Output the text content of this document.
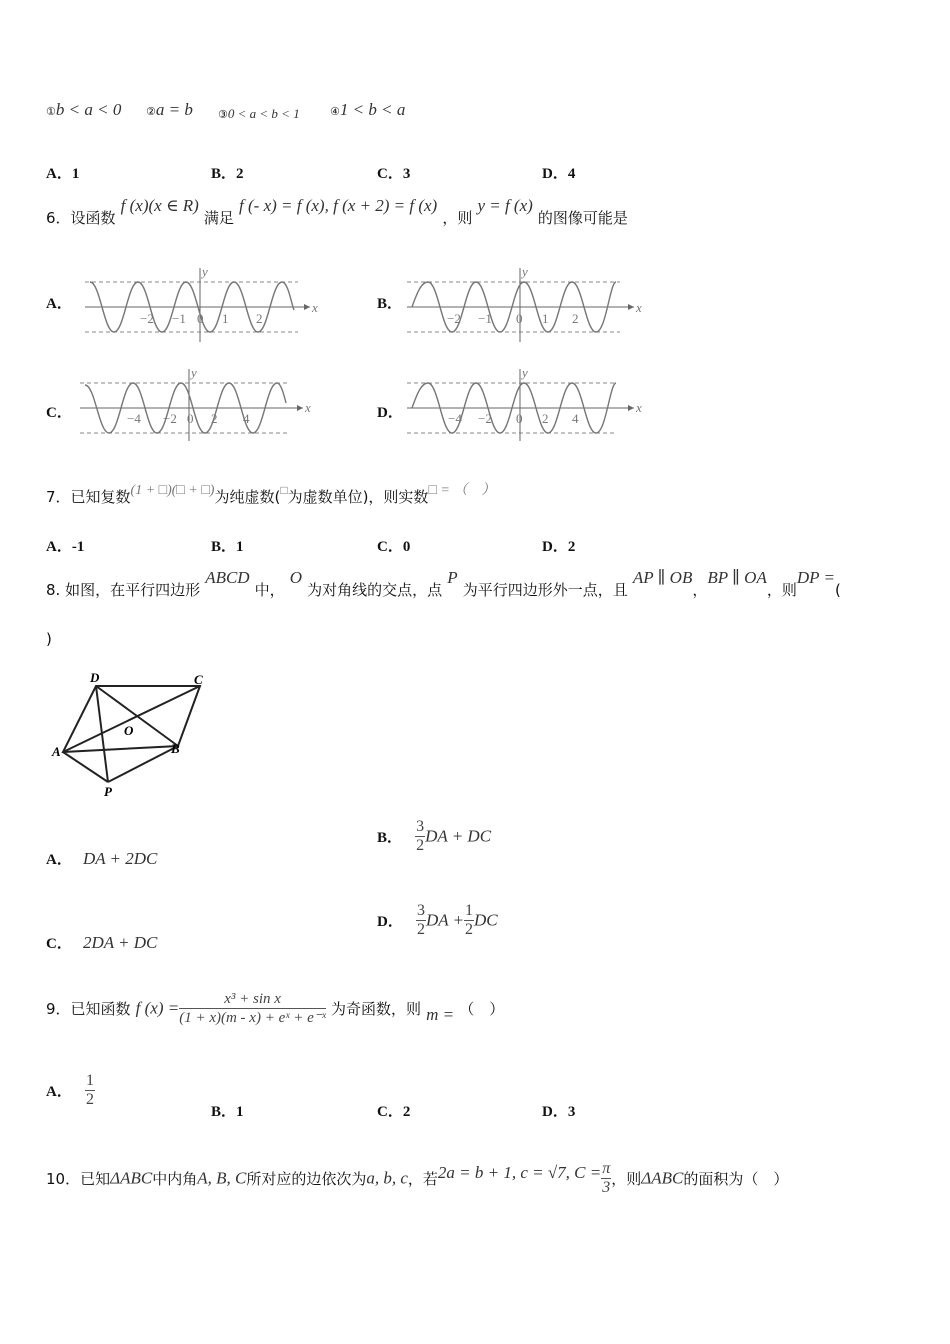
①b < a < 0 ②a = b ③0 < a < b < 1	④1 < b < a
A．1	B．2	C．3	D．4
6．设函数 f (x)(x ∈ R) 满足 f (- x) = f (x), f (x + 2) = f (x) ，则 y = f (x) 的图像可能是
A．	B．
C．	D．
x
y
−2 −1 0 1 2
x
y
−2 −1 0 1 2
x
y
−4 −2 0 2 4
x
y
−4 −2 0 2 4
7．已知复数(1 + □)(□ + □)为纯虚数(□为虚数单位)，则实数□ = （　）
A．-1	B．1	C．0	D．2
8. 如图，在平行四边形 ABCD 中， O 为对角线的交点，点 P 为平行四边形外一点，且 AP ∥ OB，BP ∥ OA，则DP =(
)
D	C
O
A	B
P
A． DA + 2DC
B． $\frac{3}{2}$ DA + DC
C． 2DA + DC
D． $\frac{3}{2}$ DA + $\frac{1}{2}$ DC
9．已知函数 f $(x) = \frac{\text{x³ + sin x}}{\text{(1 + x)(m - x) + eˣ + e⁻ˣ}}$ 为奇函数，则 m = （　）
A． $\frac{1}{2}$
B．1	C．2	D．3
10．已知ΔABC中内角A, B, C所对应的边依次为a, b, c，若2a = b + 1, c = √7, $C = \frac{\pi}{3}$ ，则ΔABC的面积为（　）
